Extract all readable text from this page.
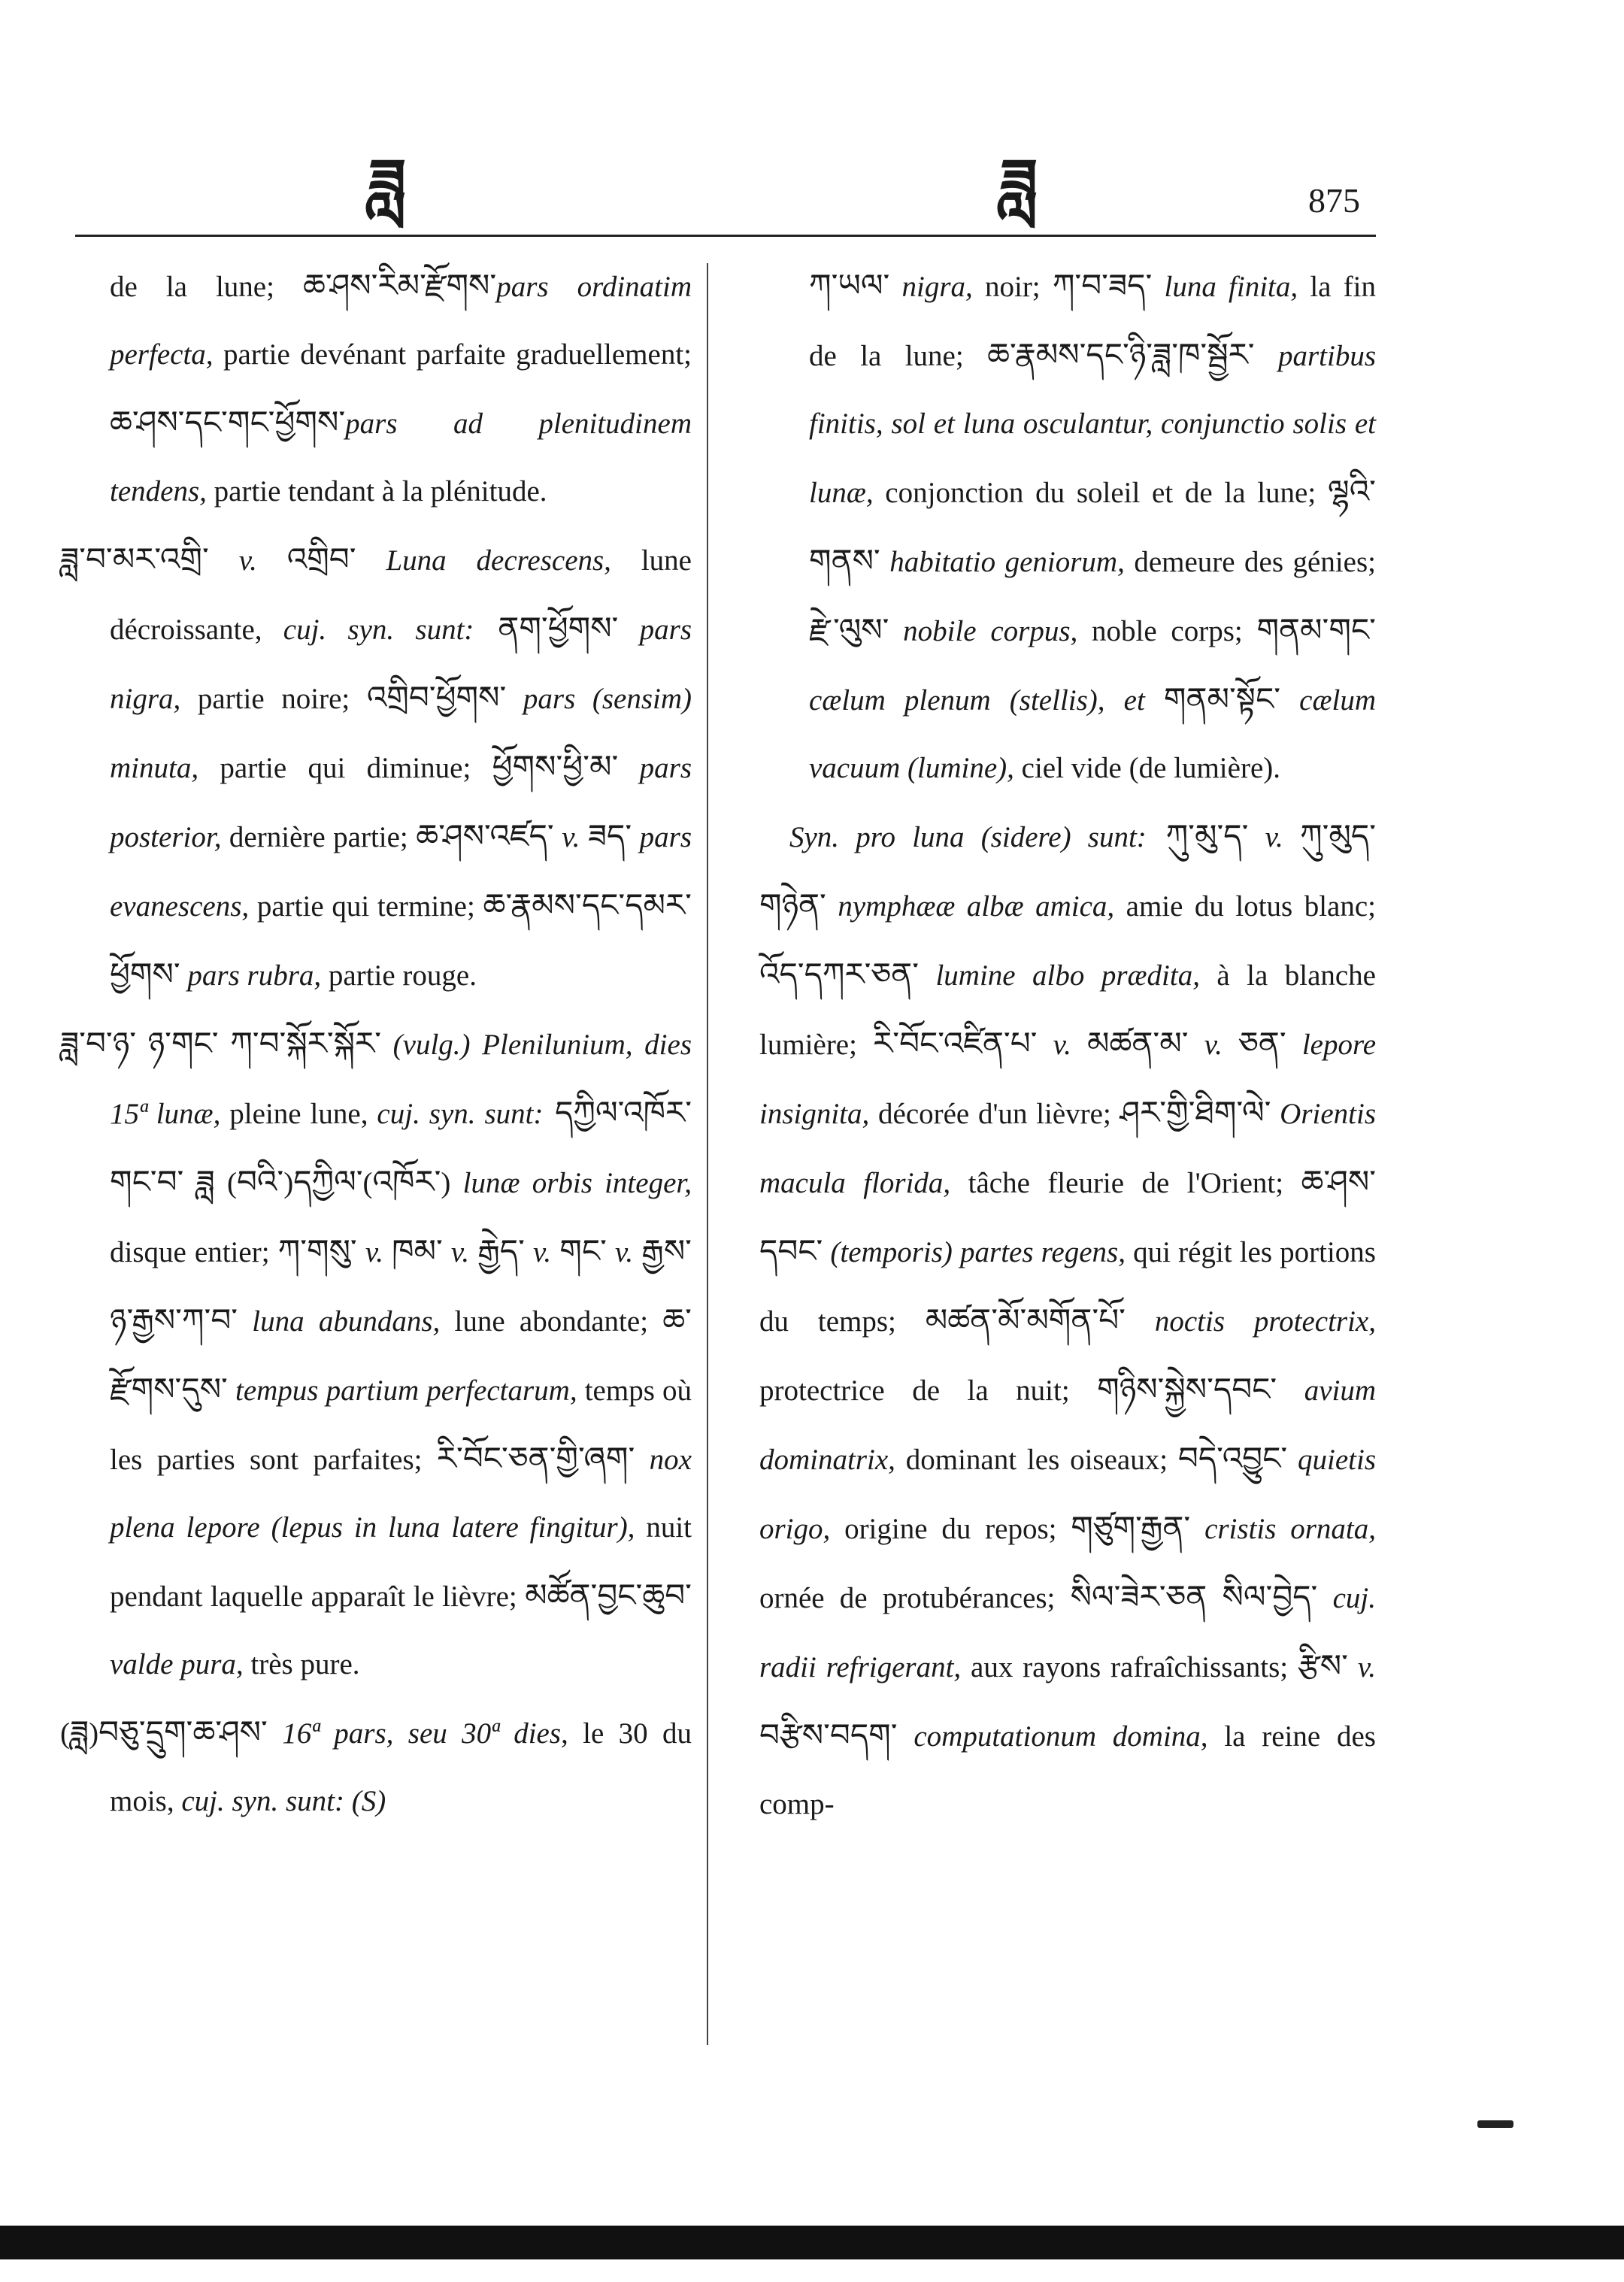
ཟླ	ཟླ	875

de la lune; ཆ་ཤས་རིམ་རྫོགས་pars ordinatim perfecta, partie devénant parfaite graduellement; ཆ་ཤས་དང་གང་ཕྱོགས་pars ad plenitudinem tendens, partie tendant à la plénitude.

ཟླ་བ་མར་འགྲི་ v. འགྲིབ་ Luna decrescens, lune décroissante, cuj. syn. sunt: ནག་ཕྱོགས་ pars nigra, partie noire; འགྲིབ་ཕྱོགས་ pars (sensim) minuta, partie qui diminue; ཕྱོགས་ཕྱི་མ་ pars posterior, dernière partie; ཆ་ཤས་འཛད་ v. ཟད་ pars evanescens, partie qui termine; ཆ་རྣམས་དང་དམར་ཕྱོགས་ pars rubra, partie rouge.

ཟླ་བ་ཉ་ ཉ་གང་ ཀ་བ་སྐོར་སྐོར་ (vulg.) Plenilunium, dies 15ª lunæ, pleine lune, cuj. syn. sunt: དཀྱིལ་འཁོར་གང་བ་ ཟླ (བའི་)དཀྱིལ་(འཁོར་) lunæ orbis integer, disque entier; ཀ་གསུ་ v. ཁམ་ v. རྒྱེད་ v. གང་ v. རྒྱས་ ཉ་རྒྱས་ཀ་བ་ luna abundans, lune abondante; ཆ་རྫོགས་དུས་ tempus partium perfectarum, temps où les parties sont parfaites; རི་བོང་ཅན་གྱི་ཞག་ nox plena lepore (lepus in luna latere fingitur), nuit pendant laquelle apparaît le lièvre; མཚོན་བྱང་ཆུབ་ valde pura, très pure.

(ཟླ)བཅུ་དྲུག་ཆ་ཤས་ 16ª pars, seu 30ª dies, le 30 du mois, cuj. syn. sunt: (S)

ཀ་ཡལ་ nigra, noir; ཀ་བ་ཟད་ luna finita, la fin de la lune; ཆ་རྣམས་དང་ཉི་ཟླ་ཁ་སྦྱོར་ partibus finitis, sol et luna osculantur, conjunctio solis et lunæ, conjonction du soleil et de la lune; ལྷའི་གནས་ habitatio geniorum, demeure des génies; རྫེ་ལུས་ nobile corpus, noble corps; གནམ་གང་ cælum plenum (stellis), et གནམ་སྟོང་ cælum vacuum (lumine), ciel vide (de lumière).

Syn. pro luna (sidere) sunt: ཀུ་མུ་ད་ v. ཀུ་མུད་གཉེན་ nymphææ albæ amica, amie du lotus blanc; འོད་དཀར་ཅན་ lumine albo prædita, à la blanche lumière; རི་བོང་འཛིན་པ་ v. མཚན་མ་ v. ཅན་ lepore insignita, décorée d'un lièvre; ཤར་གྱི་ཐིག་ལེ་ Orientis macula florida, tâche fleurie de l'Orient; ཆ་ཤས་དབང་ (temporis) partes regens, qui régit les portions du temps; མཚན་མོ་མགོན་པོ་ noctis protectrix, protectrice de la nuit; གཉིས་སྐྱེས་དབང་ avium dominatrix, dominant les oiseaux; བདེ་འབྱུང་ quietis origo, origine du repos; གཙུག་རྒྱན་ cristis ornata, ornée de protubérances; སིལ་ཟེར་ཅན སིལ་བྱེད་ cuj. radii refrigerant, aux rayons rafraîchissants; རྩིས་ v. བརྩིས་བདག་ computationum domina, la reine des comp-
